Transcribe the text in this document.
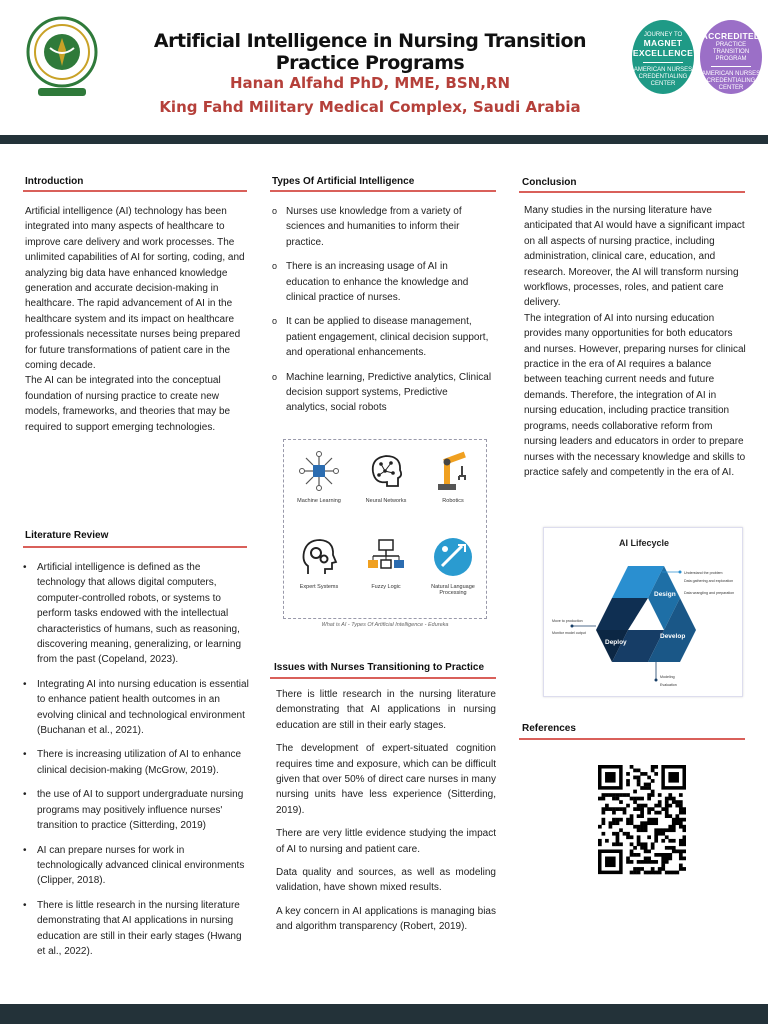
Artificial Intelligence in Nursing Transition Practice Programs
Hanan Alfahd PhD, MME, BSN,RN
King Fahd Military Medical Complex, Saudi Arabia
JOURNEY TO
MAGNET
EXCELLENCE
AMERICAN NURSES CREDENTIALING CENTER
ACCREDITED
PRACTICE TRANSITION PROGRAM
AMERICAN NURSES CREDENTIALING CENTER
Introduction

Artificial intelligence (AI) technology has been integrated into many aspects of healthcare to improve care delivery and work processes. The unlimited capabilities of AI for sorting, coding, and analyzing big data have enhanced knowledge generation and accurate decision-making in healthcare. The rapid advancement of AI in the healthcare system and its impact on healthcare professionals necessitate nurses being prepared for future transformations of patient care in the coming decade.

The AI can be integrated into the conceptual foundation of nursing practice to create new models, frameworks, and theories that may be required to support emerging technologies.

Literature Review
• Artificial intelligence is defined as the technology that allows digital computers, computer-controlled robots, or systems to perform tasks endowed with the intellectual characteristics of humans, such as reasoning, discovering meaning, generalizing, or learning from the past (Copeland, 2023).
• Integrating AI into nursing education is essential to enhance patient health outcomes in an evolving clinical and technological environment (Buchanan et al., 2021).
• There is increasing utilization of AI to enhance clinical decision-making (McGrow, 2019).
• the use of AI to support undergraduate nursing programs may positively influence nurses' transition to practice (Sitterding, 2019)
• AI can prepare nurses for work in technologically advanced clinical environments (Clipper, 2018).
• There is little research in the nursing literature demonstrating that AI applications in nursing education are still in their early stages (Hwang et al., 2022).
Types Of Artificial Intelligence
o Nurses use knowledge from a variety of sciences and humanities to inform their practice.
o There is an increasing usage of AI in education to enhance the knowledge and clinical practice of nurses.
o It can be applied to disease management, patient engagement, clinical decision support, and operational enhancements.
o Machine learning, Predictive analytics, Clinical decision support systems, Predictive analytics, social robots
Machine Learning	Neural Networks	Robotics
Expert Systems	Fuzzy Logic	Natural Language Processing
What is AI - Types Of Artificial Intelligence - Edureka
Issues with Nurses Transitioning to Practice

There is little research in the nursing literature demonstrating that AI applications in nursing education are still in their early stages.

The development of expert-situated cognition requires time and exposure, which can be difficult given that over 50% of direct care nurses in many nursing units have less experience (Sitterding, 2019).

There are very little evidence studying the impact of AI to nursing and patient care.

Data quality and sources, as well as modeling validation, have shown mixed results.

A key concern in AI applications is managing bias and algorithm transparency (Robert, 2019).

Conclusion

Many studies in the nursing literature have anticipated that AI would have a significant impact on all aspects of nursing practice, including administration, clinical care, education, and research. Moreover, the AI will transform nursing workflows, processes, roles, and patient care delivery.

The integration of AI into nursing education provides many opportunities for both educators and nurses. However, preparing nurses for clinical practice in the era of AI requires a balance between teaching current needs and future demands. Therefore, the integration of AI in nursing education, including practice transition programs, needs collaborative reform from nursing leaders and educators in order to prepare nurses with the necessary knowledge and skills to practice safely and competently in the era of AI.

AI Lifecycle
Design
Develop
Deploy
Understand the problem
Data gathering and exploration
Data wrangling and preparation
Move to production
Monitor model output
Modeling
Evaluation
References
